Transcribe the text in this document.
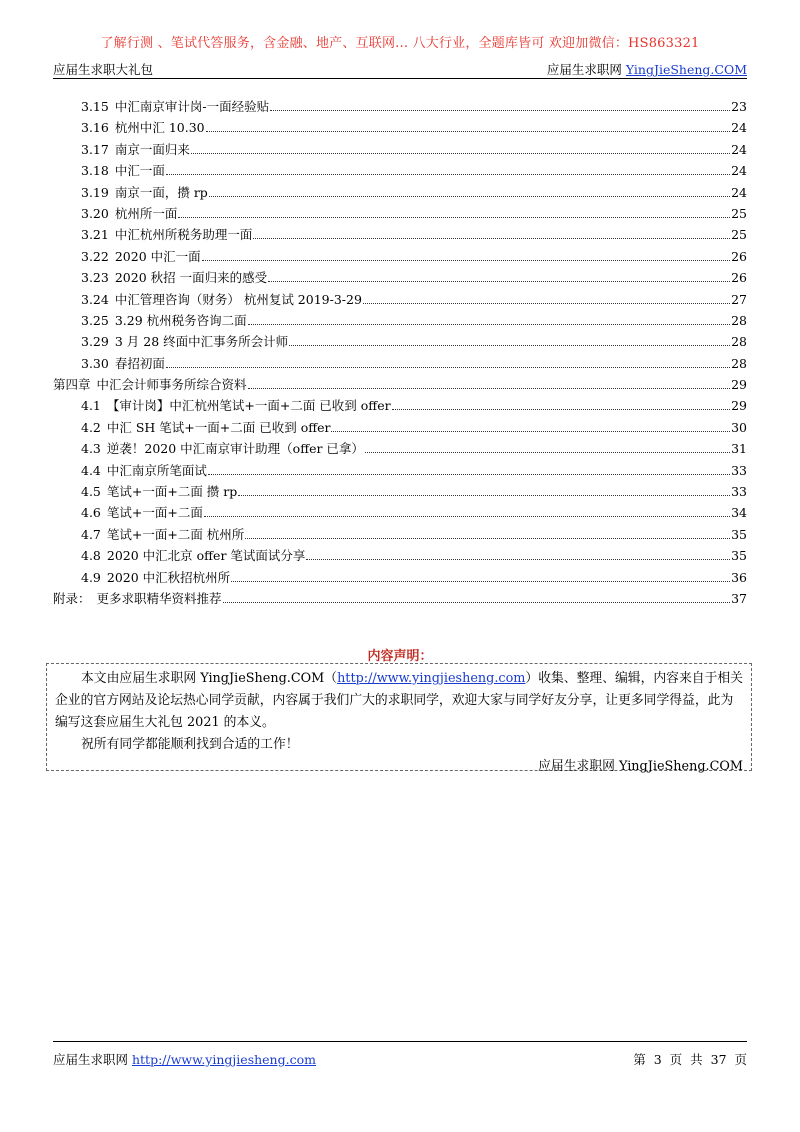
了解行测 、笔试代答服务，含金融、地产、互联网... 八大行业，全题库皆可 欢迎加微信：HS863321
应届生求职大礼包	应届生求职网 YingJieSheng.COM
3.15 中汇南京审计岗-一面经验贴	23
3.16 杭州中汇 10.30	24
3.17 南京一面归来	24
3.18 中汇一面	24
3.19 南京一面，攒 rp	24
3.20 杭州所一面	25
3.21 中汇杭州所税务助理一面	25
3.22 2020 中汇一面	26
3.23 2020 秋招 一面归来的感受	26
3.24 中汇管理咨询（财务） 杭州复试 2019-3-29	27
3.25 3.29 杭州税务咨询二面	28
3.29 3 月 28 终面中汇事务所会计师	28
3.30 春招初面	28
第四章 中汇会计师事务所综合资料	29
4.1 【审计岗】中汇杭州笔试+一面+二面 已收到 offer	29
4.2 中汇 SH 笔试+一面+二面 已收到 offer	30
4.3 逆袭！2020 中汇南京审计助理（offer 已拿）	31
4.4 中汇南京所笔面试	33
4.5 笔试+一面+二面 攒 rp	33
4.6 笔试+一面+二面	34
4.7 笔试+一面+二面 杭州所	35
4.8 2020 中汇北京 offer 笔试面试分享	35
4.9 2020 中汇秋招杭州所	36
附录： 更多求职精华资料推荐	37
内容声明：

本文由应届生求职网 YingJieSheng.COM（http://www.yingjiesheng.com）收集、整理、编辑，内容来自于相关企业的官方网站及论坛热心同学贡献，内容属于我们广大的求职同学，欢迎大家与同学好友分享，让更多同学得益，此为编写这套应届生大礼包 2021 的本义。

祝所有同学都能顺利找到合适的工作！

应届生求职网 YingJieSheng.COM

应届生求职网 http://www.yingjiesheng.com	第 3 页 共 37 页
